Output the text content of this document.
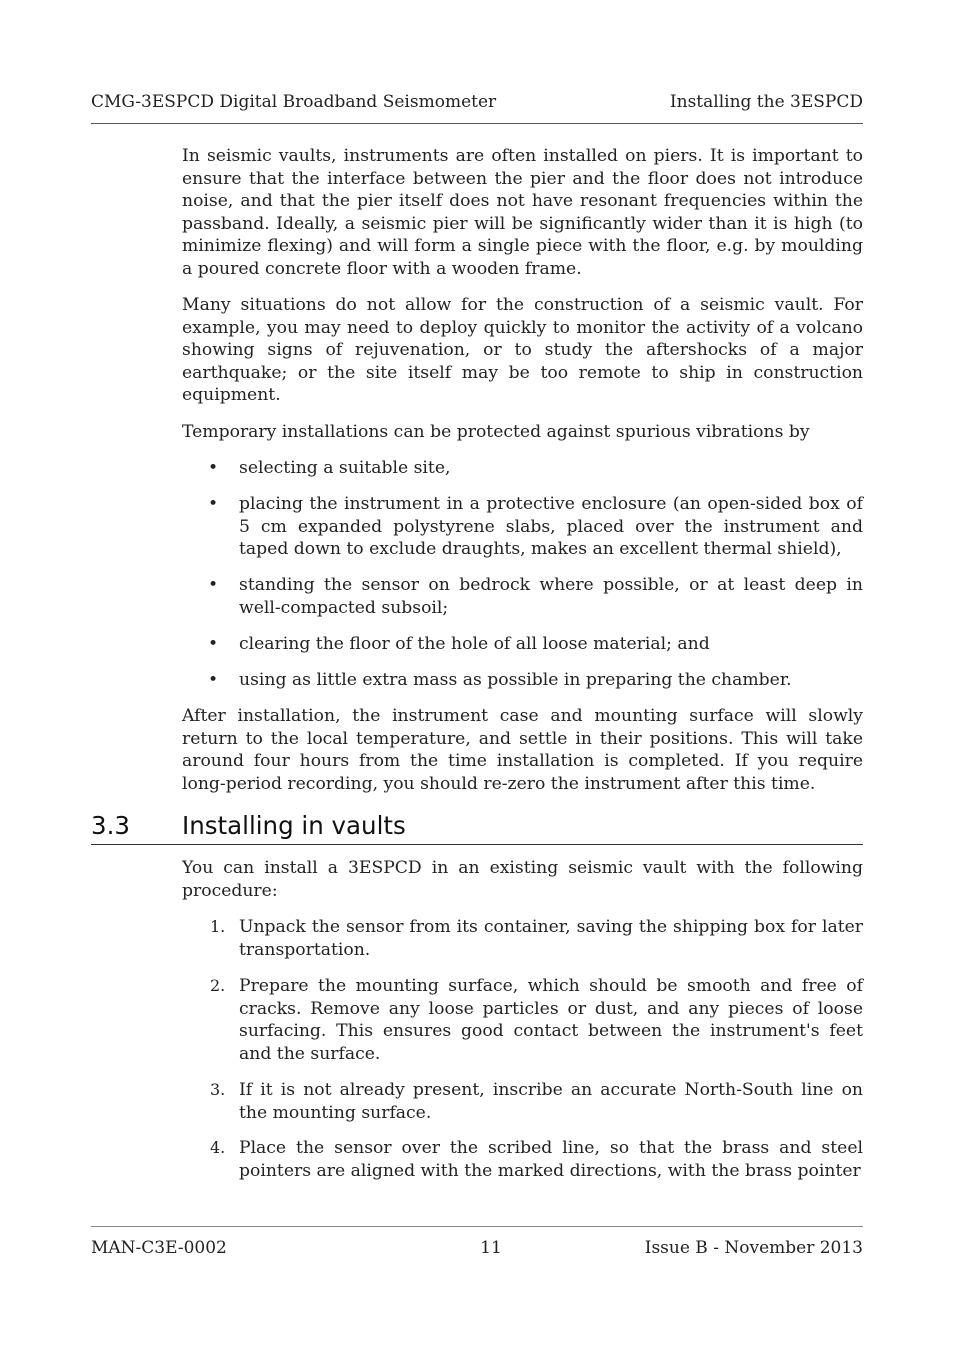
CMG-3ESPCD Digital Broadband Seismometer	Installing the 3ESPCD

In seismic vaults, instruments are often installed on piers. It is important to ensure that the interface between the pier and the floor does not introduce noise, and that the pier itself does not have resonant frequencies within the passband. Ideally, a seismic pier will be significantly wider than it is high (to minimize flexing) and will form a single piece with the floor, e.g. by moulding a poured concrete floor with a wooden frame.

Many situations do not allow for the construction of a seismic vault. For example, you may need to deploy quickly to monitor the activity of a volcano showing signs of rejuvenation, or to study the aftershocks of a major earthquake; or the site itself may be too remote to ship in construction equipment.

Temporary installations can be protected against spurious vibrations by

• selecting a suitable site,
• placing the instrument in a protective enclosure (an open-sided box of 5 cm expanded polystyrene slabs, placed over the instrument and taped down to exclude draughts, makes an excellent thermal shield),
• standing the sensor on bedrock where possible, or at least deep in well-compacted subsoil;
• clearing the floor of the hole of all loose material; and
• using as little extra mass as possible in preparing the chamber.

After installation, the instrument case and mounting surface will slowly return to the local temperature, and settle in their positions. This will take around four hours from the time installation is completed. If you require long-period recording, you should re-zero the instrument after this time.

3.3 Installing in vaults

You can install a 3ESPCD in an existing seismic vault with the following procedure:

1. Unpack the sensor from its container, saving the shipping box for later transportation.
2. Prepare the mounting surface, which should be smooth and free of cracks. Remove any loose particles or dust, and any pieces of loose surfacing. This ensures good contact between the instrument's feet and the surface.
3. If it is not already present, inscribe an accurate North-South line on the mounting surface.
4. Place the sensor over the scribed line, so that the brass and steel pointers are aligned with the marked directions, with the brass pointer
MAN-C3E-0002	11	Issue B - November 2013
